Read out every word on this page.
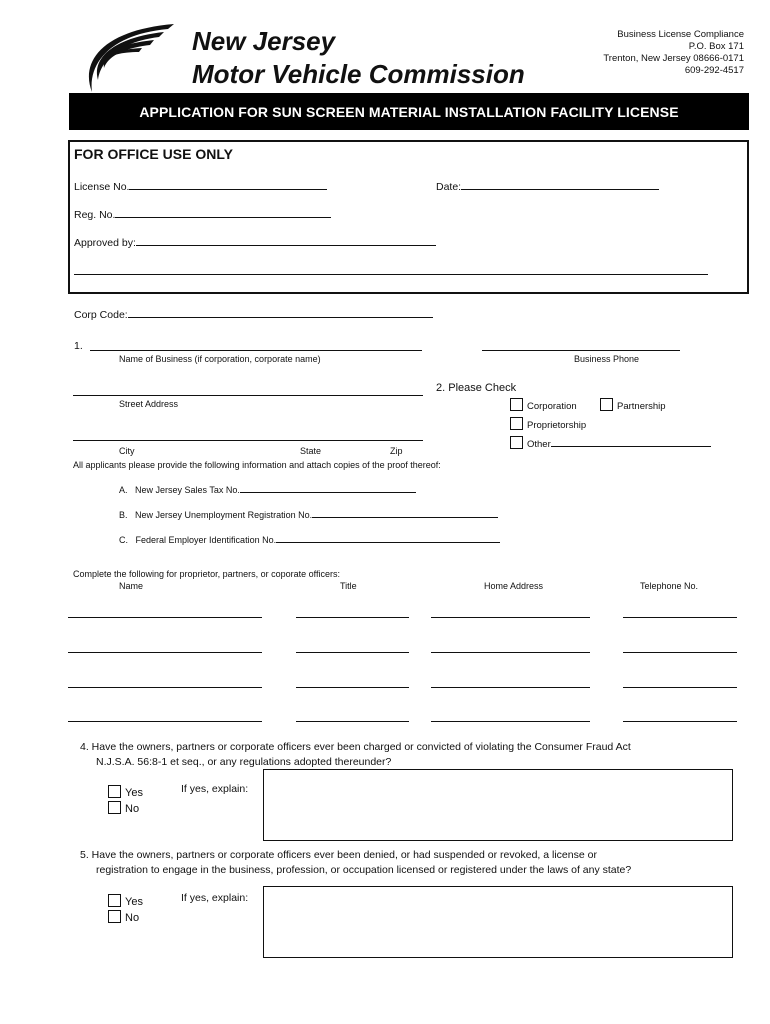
New Jersey
Motor Vehicle Commission
Business License Compliance
P.O. Box 171
Trenton, New Jersey 08666-0171
609-292-4517
APPLICATION FOR SUN SCREEN MATERIAL INSTALLATION FACILITY LICENSE
FOR OFFICE USE ONLY
License No.	Date:
Reg. No.
Approved by:
Corp Code:
1.
Name of Business (if corporation, corporate name)	Business Phone
Street Address
City	State	Zip
2. Please Check
Corporation	Partnership
Proprietorship
Other
All applicants please provide the following information and attach copies of the proof thereof:
A. New Jersey Sales Tax No.
B. New Jersey Unemployment Registration No.
C. Federal Employer Identification No.
Complete the following for proprietor, partners, or coporate officers:
Name	Title	Home Address	Telephone No.
4. Have the owners, partners or corporate officers ever been charged or convicted of violating the Consumer Fraud Act
N.J.S.A. 56:8-1 et seq., or any regulations adopted thereunder?
Yes
No
If yes, explain:
5. Have the owners, partners or corporate officers ever been denied, or had suspended or revoked, a license or
registration to engage in the business, profession, or occupation licensed or registered under the laws of any state?
Yes
No
If yes, explain:
